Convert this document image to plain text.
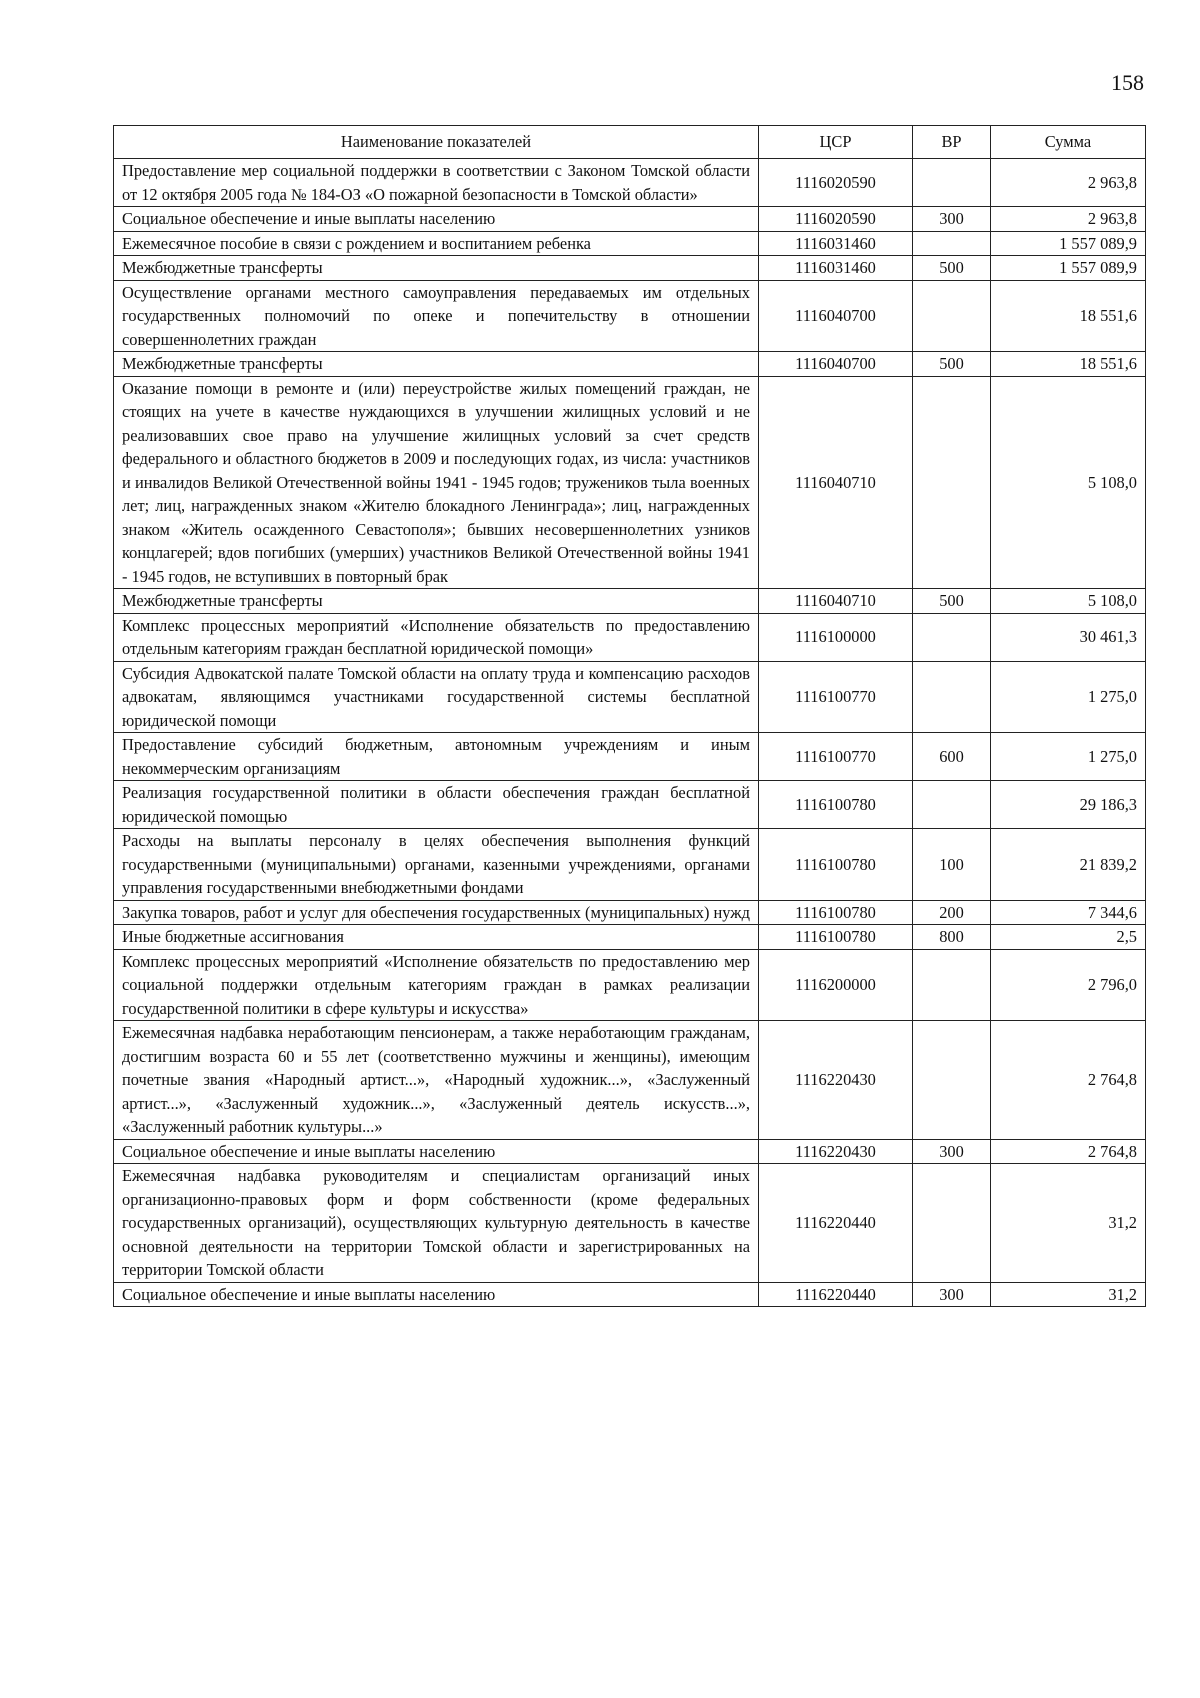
158
Наименование показателей	ЦСР	ВР	Сумма
Предоставление мер социальной поддержки в соответствии с Законом Томской области от 12 октября 2005 года № 184-ОЗ «О пожарной безопасности в Томской области»	1116020590		2 963,8
Социальное обеспечение и иные выплаты населению	1116020590	300	2 963,8
Ежемесячное пособие в связи с рождением и воспитанием ребенка	1116031460		1 557 089,9
Межбюджетные трансферты	1116031460	500	1 557 089,9
Осуществление органами местного самоуправления передаваемых им отдельных государственных полномочий по опеке и попечительству в отношении совершеннолетних граждан	1116040700		18 551,6
Межбюджетные трансферты	1116040700	500	18 551,6
Оказание помощи в ремонте и (или) переустройстве жилых помещений граждан, не стоящих на учете в качестве нуждающихся в улучшении жилищных условий и не реализовавших свое право на улучшение жилищных условий за счет средств федерального и областного бюджетов в 2009 и последующих годах, из числа: участников и инвалидов Великой Отечественной войны 1941 - 1945 годов; тружеников тыла военных лет; лиц, награжденных знаком «Жителю блокадного Ленинграда»; лиц, награжденных знаком «Житель осажденного Севастополя»; бывших несовершеннолетних узников концлагерей; вдов погибших (умерших) участников Великой Отечественной войны 1941 - 1945 годов, не вступивших в повторный брак	1116040710		5 108,0
Межбюджетные трансферты	1116040710	500	5 108,0
Комплекс процессных мероприятий «Исполнение обязательств по предоставлению отдельным категориям граждан бесплатной юридической помощи»	1116100000		30 461,3
Субсидия Адвокатской палате Томской области на оплату труда и компенсацию расходов адвокатам, являющимся участниками государственной системы бесплатной юридической помощи	1116100770		1 275,0
Предоставление субсидий бюджетным, автономным учреждениям и иным некоммерческим организациям	1116100770	600	1 275,0
Реализация государственной политики в области обеспечения граждан бесплатной юридической помощью	1116100780		29 186,3
Расходы на выплаты персоналу в целях обеспечения выполнения функций государственными (муниципальными) органами, казенными учреждениями, органами управления государственными внебюджетными фондами	1116100780	100	21 839,2
Закупка товаров, работ и услуг для обеспечения государственных (муниципальных) нужд	1116100780	200	7 344,6
Иные бюджетные ассигнования	1116100780	800	2,5
Комплекс процессных мероприятий «Исполнение обязательств по предоставлению мер социальной поддержки отдельным категориям граждан в рамках реализации государственной политики в сфере культуры и искусства»	1116200000		2 796,0
Ежемесячная надбавка неработающим пенсионерам, а также неработающим гражданам, достигшим возраста 60 и 55 лет (соответственно мужчины и женщины), имеющим почетные звания «Народный артист...», «Народный художник...», «Заслуженный артист...», «Заслуженный художник...», «Заслуженный деятель искусств...», «Заслуженный работник культуры...»	1116220430		2 764,8
Социальное обеспечение и иные выплаты населению	1116220430	300	2 764,8
Ежемесячная надбавка руководителям и специалистам организаций иных организационно-правовых форм и форм собственности (кроме федеральных государственных организаций), осуществляющих культурную деятельность в качестве основной деятельности на территории Томской области и зарегистрированных на территории Томской области	1116220440		31,2
Социальное обеспечение и иные выплаты населению	1116220440	300	31,2
